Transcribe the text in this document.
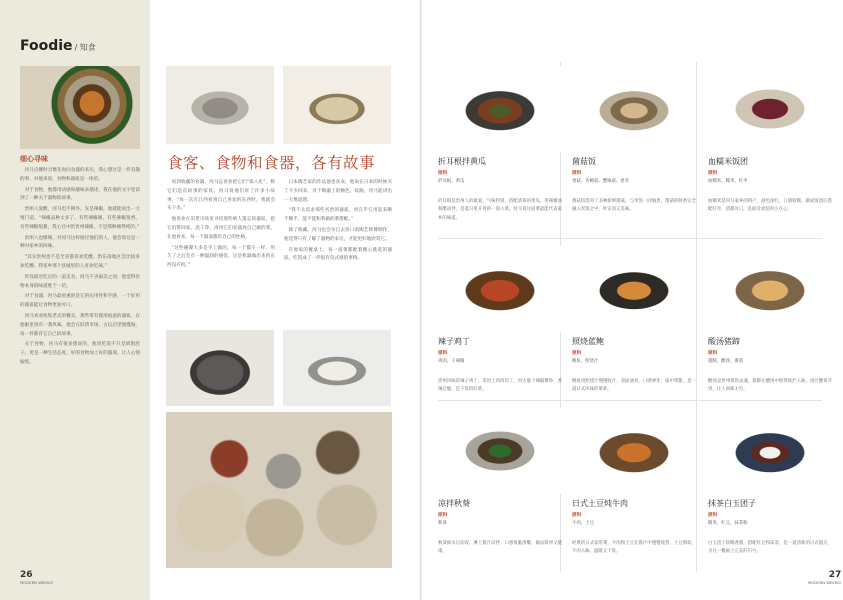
Foodie / 知食
细心寻味

河马点餐时习惯先询问食器的来历，我心想这是一件有趣的事。对他来说，食物和器皿是一体的。

对于食物，他都用动感和趣味来描述，我在他的文字里读到了一种关于器物的故事。

贵州人爱酸，河马也不例外。先是辣椒，他就能说出一大堆门道。“辣椒品种太多了，有些辣椒辣，有些辣椒很香，有些辣椒很甜，我心目中的贵州辣椒，不是那种辣得纯的。”

贵州人也爆辣。对河马这样接过他们的人，他会说这是一种对家乡的回味。

“其实贵州也不是全省都喜欢吃酸，黔东南地区会比较喜欢吃酸。我家乡那个县城里的人喜欢吃辣。”

形容最近吃过的一道美食，河马不吝溢美之词，他觉得食物本身的味道胜于一切。

对于食器，河马最看重的是它的实用性和手感，一个好用的器皿能让食物更加可口。

河马喜欢收集老式的餐具，那些带有使用痕迹的器皿，在他眼里别有一番风味。他会在旧货市场、古玩店里慢慢淘，每一件都有它自己的故事。

关于食物，河马有很多想说的，他说吃饭不只是填饱肚子，更是一种生活态度。好的食物加上好的器皿，让人心情愉悦。

26
MODERN WEEKLY
食客、食物和食器，各有故事

说到收藏的食器，河马总喜欢把它们“拟人化”，称它们是有故事的家伙。河马说他们讲了许多小故事，“每一次在江西看到自己喜欢的东西时，我就会买下来。”

他喜欢在旧货市场里寻找那些被人遗忘的器皿，把它们带回家，洗干净，再用它们来盛放自己做的菜。在他看来，每一个器皿都有自己的性格。

“这些碗碟大多是手工做的，每一个都不一样，用久了之后会有一种温润的感觉，这是机器做出来的东西没有的。”

日本陶艺家的作品他也喜欢，他说在日本的时候买了不少回来。对于陶器上的釉色、纹路，河马能讲出一大堆道理。

“我不太追求那些名贵的器皿，更在乎它用起来顺不顺手，能不能和我做的菜搭配。”

除了收藏，河马也会亲自去窑口看陶艺师傅制作，他觉得只有了解了器物的来历，才能更好地欣赏它。

在他家的餐桌上，每一道菜都配着精心挑选的器皿，吃饭成了一件很有仪式感的事情。

折耳根拌黄瓜
原料
折耳根、黄瓜
折耳根是贵州人的最爱，气味特别，搭配清爽的黄瓜，用辣椒油和醋凉拌，是夏日里开胃的一道小菜。河马说这道菜最能代表家乡的味道。
菌菇饭
原料
香菇、杏鲍菇、蟹味菇、香米
菌菇饭选用了多种新鲜菌菇，与米饭一同焖煮，菌菇的鲜香完全融入米饭之中，朴实而又美味。
血糯米饭团
原料
血糯米、糯米、红枣
血糯米是河马家乡的特产，颜色深红，口感软糯。做成饭团后搭配红枣，清甜可口，是很受欢迎的小点心。
辣子鸡丁
原料
鸡肉、干辣椒
贵州风味的辣子鸡丁，选用土鸡肉切丁，用大量干辣椒爆炒，香辣过瘾，是下饭的好菜。
照烧蓝鲍
原料
鲍鱼、照烧汁
鲍鱼用照烧汁慢慢收汁，表面油亮，口感弹牙，咸中带甜，是一道日式风味的菜肴。
酸汤猪蹄
原料
猪蹄、酸汤、番茄
酸汤是贵州菜的灵魂，猪蹄在酸汤中炖得软烂入味，汤汁酸爽开胃，让人回味无穷。
凉拌秋葵
原料
秋葵
秋葵焯水后切段，淋上酱汁凉拌，口感爽脆滑嫩，做法简单又健康。
日式土豆炖牛肉
原料
牛肉、土豆
经典的日式家常菜，牛肉和土豆在酱汁中慢慢炖煮，土豆绵软，牛肉入味，温暖又下饭。
抹茶白玉团子
原料
糯米、红豆、抹茶粉
白玉团子软糯香甜，搭配红豆和抹茶，是一道清新的日式甜点，为这一餐画上完美的句号。
27
MODERN WEEKLY
